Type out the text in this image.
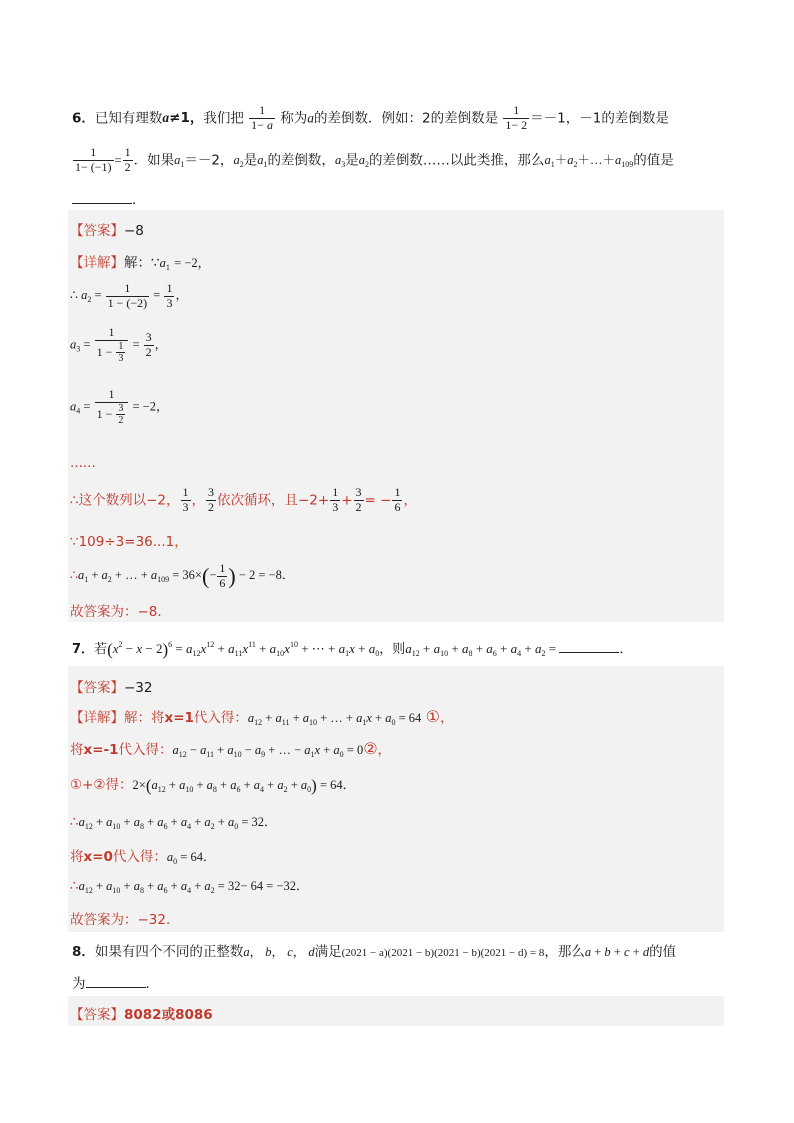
6．已知有理数a≠1，我们把 $\frac{1}{1- a}$ 称为a的差倒数．例如：2的差倒数是 $\frac{1}{1- 2} =-1$，－1的差倒数是
$\frac{1}{1- (-1)} = \frac{1}{2}$ ．如果$a_1=-2$，$a_2$是$a_1$的差倒数，$a_3$是$a_2$的差倒数……以此类推，那么$a_1+a_2+\dots+a_{109}$的值是
．
【答案】−8
【详解】解：$\because a_1 = -2$，
∴ $a_2 = \frac{1}{1 - (-2)} = \frac{1}{3}$ ，
$a_3 = \frac{1}{1 - \frac{1}{3}} = \frac{3}{2}$ ，
$a_4 = \frac{1}{1 - \frac{3}{2}} = -2$，
......
∴这个数列以−2， $\frac{1}{3}$ ， $\frac{3}{2}$ 依次循环，且$-2+ \frac{1}{3} + \frac{3}{2}$ = − $\frac{1}{6}$ ，
∵109÷3=36...1，
$\therefore a_1 + a_2$ + … + $a_{109} = 36\times(- \frac{1}{6}$ ) − 2 = −8．
故答案为：−8．
7．若$(x^2 - x - 2)^6 = a_{12}x^{12} + a_{11}x^{11} + a_{10}x^{10}$ + ⋯ + $a_1x + a_0$，则$a_{12} + a_{10} + a_8 + a_6 + a_4 + a_2$ =	．
【答案】−32
【详解】解：将x=1代入得：$a_{12} + a_{11} + a_{10}$ + … + $a_1x + a_0 = 64$ ①，
将x=-1代入得：$a_{12} - a_{11} + a_{10} - a_9$ + … − $a_1x + a_0$ = 0②，
①+②得：$2\times(a_{12} + a_{10} + a_8 + a_6 + a_4 + a_2 + a_0) = 64$．
$\therefore a_{12} + a_{10} + a_8 + a_6 + a_4 + a_2 + a_0 = 32$．
将x=0代入得：$a_0 = 64$．
$\therefore a_{12} + a_{10} + a_8 + a_6 + a_4 + a_2 = 32- 64 = -32$．
故答案为：−32．
8．如果有四个不同的正整数a， b， c， d满足(2021 − a)(2021 − b)(2021 − b)(2021 − d) = 8，那么a + b + c + d的值
为	．
【答案】8082或8086
